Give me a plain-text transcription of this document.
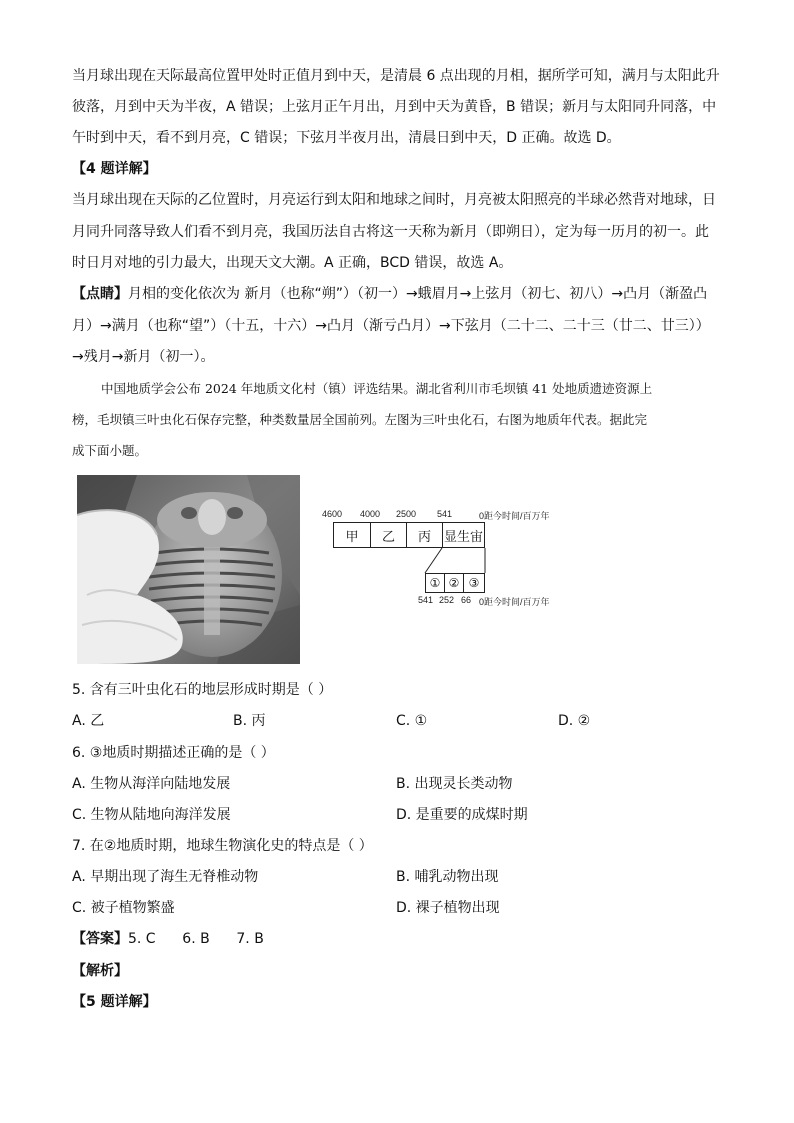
当月球出现在天际最高位置甲处时正值月到中天，是清晨 6 点出现的月相，据所学可知，满月与太阳此升
彼落，月到中天为半夜，A 错误；上弦月正午月出，月到中天为黄昏，B 错误；新月与太阳同升同落，中
午时到中天，看不到月亮，C 错误；下弦月半夜月出，清晨日到中天，D 正确。故选 D。
【4 题详解】
当月球出现在天际的乙位置时，月亮运行到太阳和地球之间时，月亮被太阳照亮的半球必然背对地球，日
月同升同落导致人们看不到月亮，我国历法自古将这一天称为新月（即朔日），定为每一历月的初一。此
时日月对地的引力最大，出现天文大潮。A 正确，BCD 错误，故选 A。
【点睛】月相的变化依次为 新月（也称“朔”）（初一）→蛾眉月→上弦月（初七、初八）→凸月（渐盈凸
月）→满月（也称“望”）（十五，十六）→凸月（渐亏凸月）→下弦月（二十二、二十三（廿二、廿三））
→残月→新月（初一）。
中国地质学会公布 2024 年地质文化村（镇）评选结果。湖北省利川市毛坝镇 41 处地质遗迹资源上
榜，毛坝镇三叶虫化石保存完整，种类数量居全国前列。左图为三叶虫化石，右图为地质年代表。据此完
成下面小题。
4600 4000 2500 541	0距今时间/百万年
甲	乙	丙 显生宙
① ② ③
541 252 66 0距今时间/百万年
5. 含有三叶虫化石的地层形成时期是（ ）
A. 乙	B. 丙	C. ①	D. ②
6. ③地质时期描述正确的是（ ）
A. 生物从海洋向陆地发展	B. 出现灵长类动物
C. 生物从陆地向海洋发展	D. 是重要的成煤时期
7. 在②地质时期，地球生物演化史的特点是（ ）
A. 早期出现了海生无脊椎动物	B. 哺乳动物出现
C. 被子植物繁盛	D. 裸子植物出现
【答案】5. C      6. B      7. B
【解析】
【5 题详解】
